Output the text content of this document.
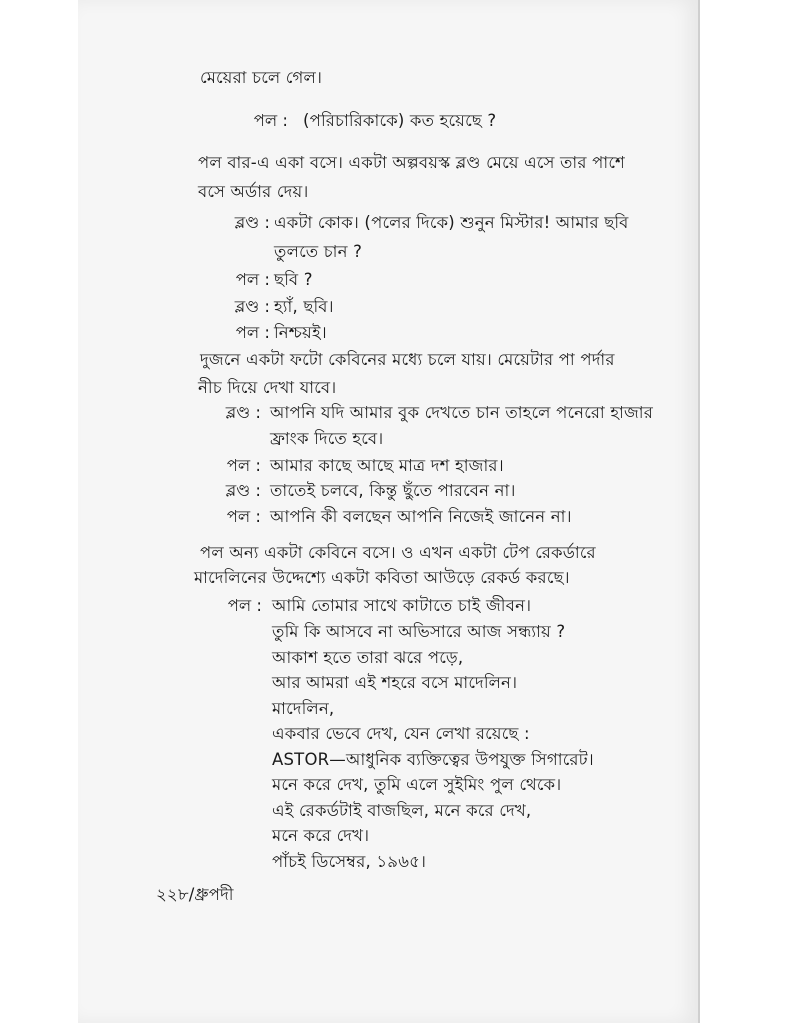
মেয়েরা চলে গেল।
পল : (পরিচারিকাকে) কত হয়েছে ?
পল বার-এ একা বসে। একটা অল্পবয়স্ক ব্লণ্ড মেয়ে এসে তার পাশে
বসে অর্ডার দেয়।
ব্লণ্ড : একটা কোক। (পলের দিকে) শুনুন মিস্টার! আমার ছবি
তুলতে চান ?
পল : ছবি ?
ব্লণ্ড : হ্যাঁ, ছবি।
পল : নিশ্চয়ই।
দুজনে একটা ফটো কেবিনের মধ্যে চলে যায়। মেয়েটার পা পর্দার
নীচ দিয়ে দেখা যাবে।
ব্লণ্ড : আপনি যদি আমার বুক দেখতে চান তাহলে পনেরো হাজার
ফ্রাংক দিতে হবে।
পল : আমার কাছে আছে মাত্র দশ হাজার।
ব্লণ্ড : তাতেই চলবে, কিন্তু ছুঁতে পারবেন না।
পল : আপনি কী বলছেন আপনি নিজেই জানেন না।
পল অন্য একটা কেবিনে বসে। ও এখন একটা টেপ রেকর্ডারে
মাদেলিনের উদ্দেশ্যে একটা কবিতা আউড়ে রেকর্ড করছে।
পল : আমি তোমার সাথে কাটাতে চাই জীবন।
তুমি কি আসবে না অভিসারে আজ সন্ধ্যায় ?
আকাশ হতে তারা ঝরে পড়ে,
আর আমরা এই শহরে বসে মাদেলিন।
মাদেলিন,
একবার ভেবে দেখ, যেন লেখা রয়েছে :
ASTOR—আধুনিক ব্যক্তিত্বের উপযুক্ত সিগারেট।
মনে করে দেখ, তুমি এলে সুইমিং পুল থেকে।
এই রেকর্ডটাই বাজছিল, মনে করে দেখ,
মনে করে দেখ।
পাঁচই ডিসেম্বর, ১৯৬৫।
২২৮/ধ্রুপদী
